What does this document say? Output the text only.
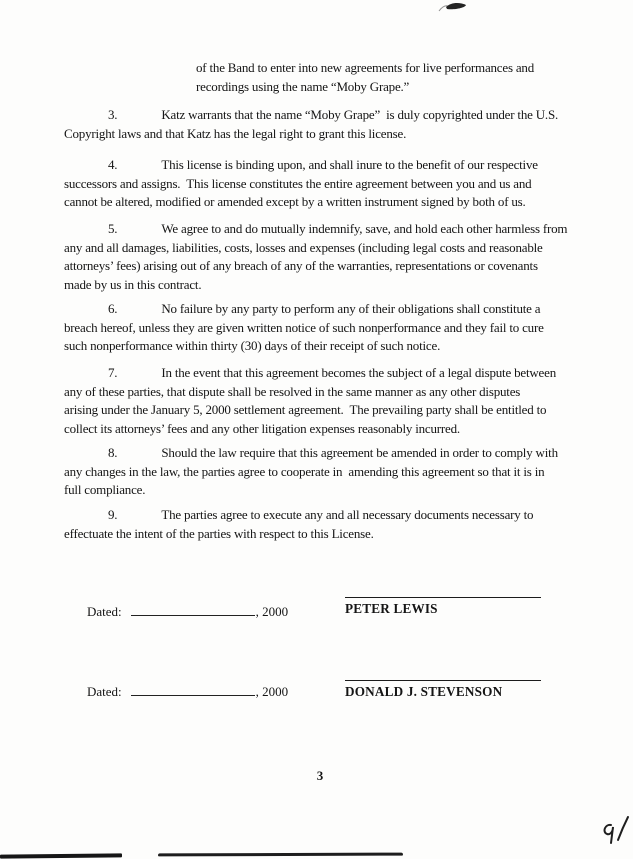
of the Band to enter into new agreements for live performances and
recordings using the name “Moby Grape.”
3.	Katz warrants that the name “Moby Grape”  is duly copyrighted under the U.S.
Copyright laws and that Katz has the legal right to grant this license.
4.	This license is binding upon, and shall inure to the benefit of our respective
successors and assigns.  This license constitutes the entire agreement between you and us and
cannot be altered, modified or amended except by a written instrument signed by both of us.
5.	We agree to and do mutually indemnify, save, and hold each other harmless from
any and all damages, liabilities, costs, losses and expenses (including legal costs and reasonable
attorneys’ fees) arising out of any breach of any of the warranties, representations or covenants
made by us in this contract.
6.	No failure by any party to perform any of their obligations shall constitute a
breach hereof, unless they are given written notice of such nonperformance and they fail to cure
such nonperformance within thirty (30) days of their receipt of such notice.
7.	In the event that this agreement becomes the subject of a legal dispute between
any of these parties, that dispute shall be resolved in the same manner as any other disputes
arising under the January 5, 2000 settlement agreement.  The prevailing party shall be entitled to
collect its attorneys’ fees and any other litigation expenses reasonably incurred.
8.	Should the law require that this agreement be amended in order to comply with
any changes in the law, the parties agree to cooperate in  amending this agreement so that it is in
full compliance.
9.	The parties agree to execute any and all necessary documents necessary to
effectuate the intent of the parties with respect to this License.

Dated:	, 2000
	PETER LEWIS

Dated:	, 2000
	DONALD J. STEVENSON
3
